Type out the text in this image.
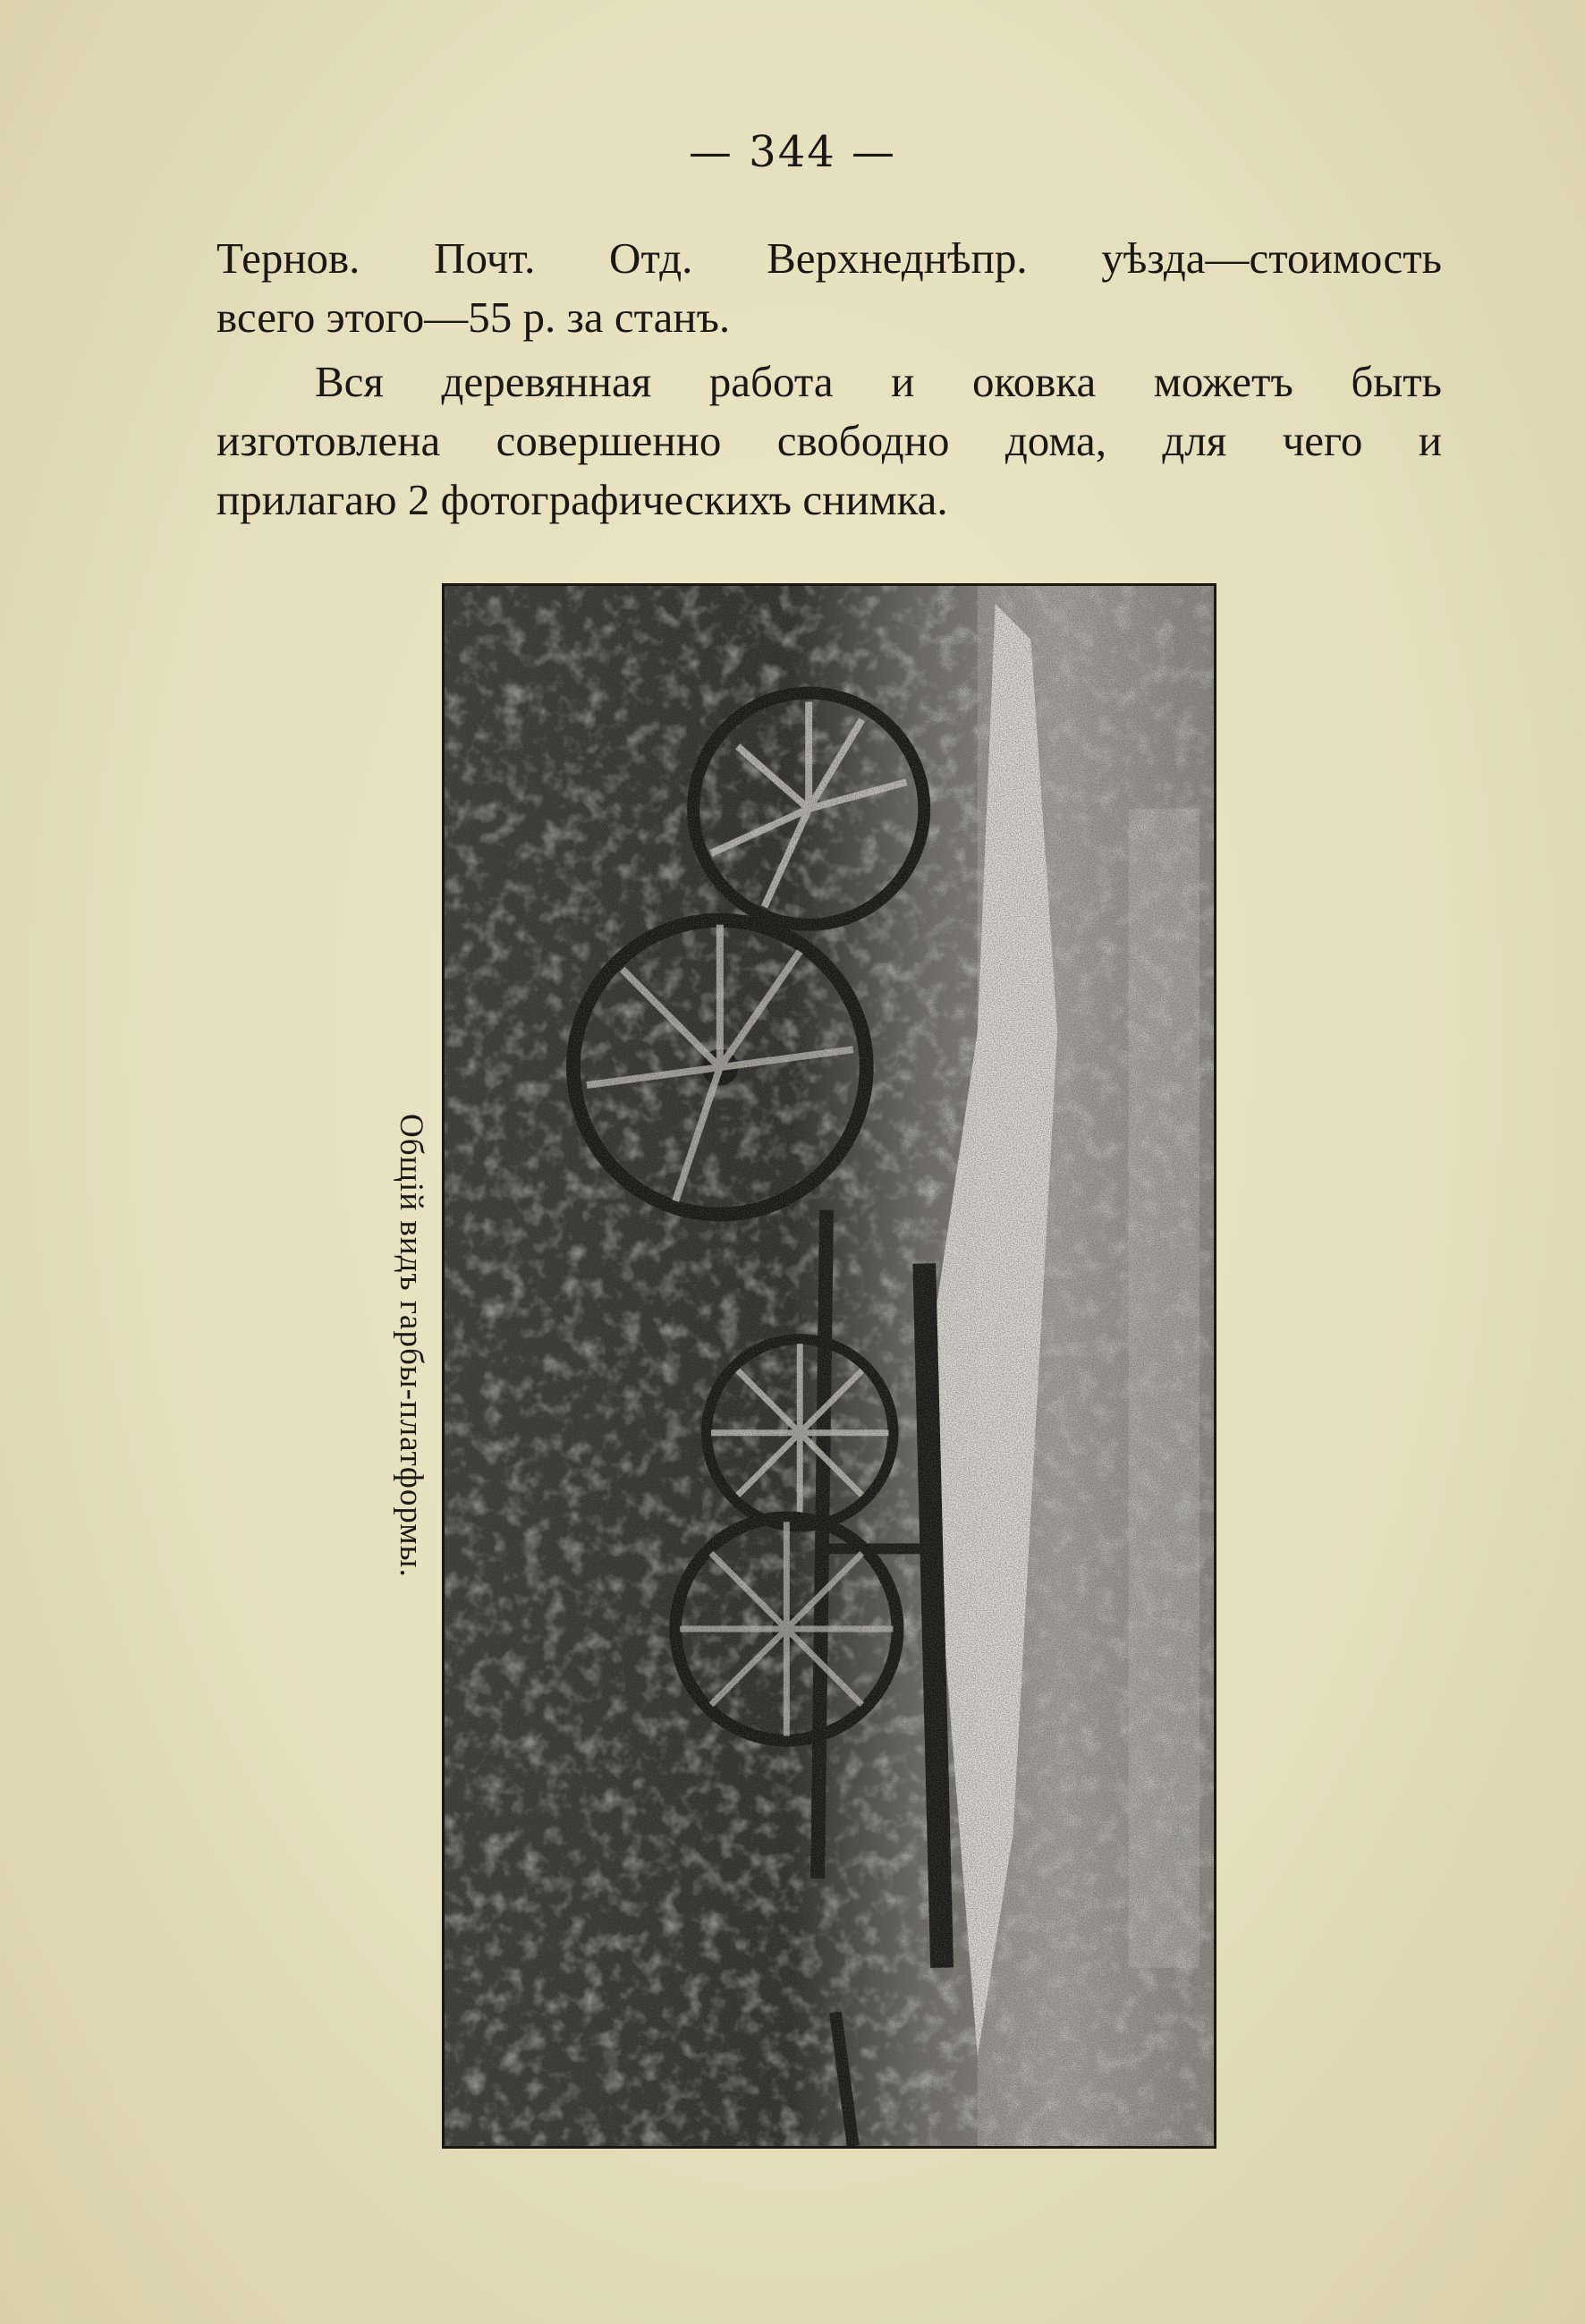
— 344 —
Тернов. Почт. Отд. Верхнеднѣпр. уѣзда—стоимость
всего этого—55 р. за станъ.
Вся деревянная работа и оковка можетъ быть
изготовлена совершенно свободно дома, для чего и
прилагаю 2 фотографическихъ снимка.
Общій видъ гарбы-платформы.
